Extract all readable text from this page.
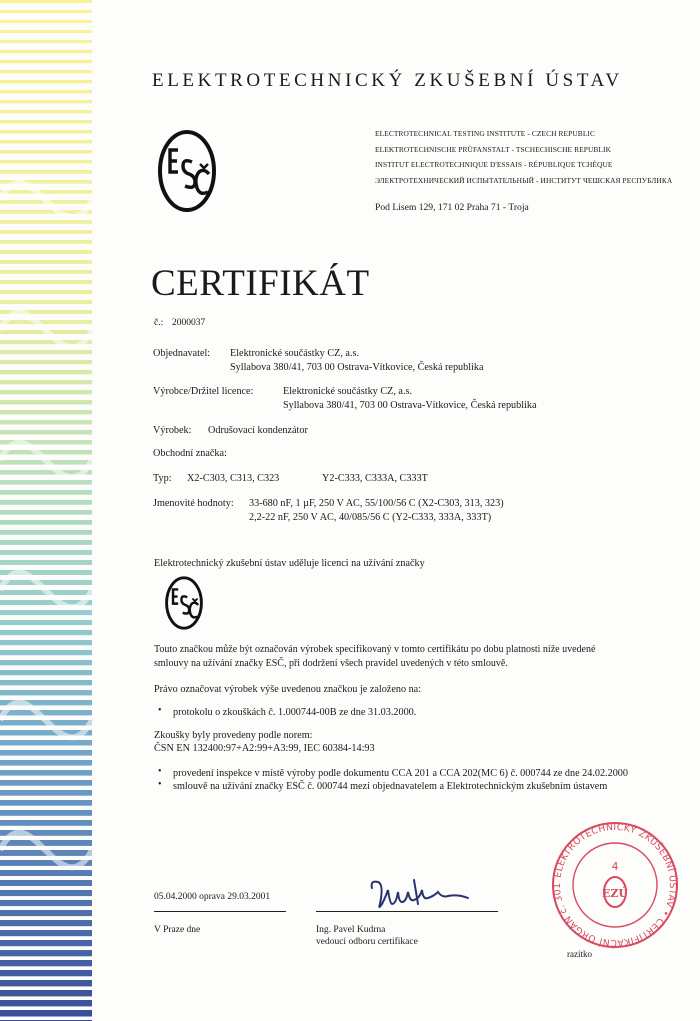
ELEKTROTECHNICKÝ ZKUŠEBNÍ ÚSTAV
ELECTROTECHNICAL TESTING INSTITUTE - CZECH REPUBLIC
ELEKTROTECHNISCHE PRÜFANSTALT - TSCHECHISCHE REPUBLIK
INSTITUT ELECTROTECHNIQUE D'ESSAIS - RÉPUBLIQUE TCHÈQUE
ЭЛЕКТРОТЕХНИЧЕСКИЙ ИСПЫТАТЕЛЬНЫЙ - ИНСТИТУТ ЧЕШСКАЯ РЕСПУБЛИКА
Pod Lisem 129, 171 02 Praha 71 - Troja
CERTIFIKÁT
č.: 2000037
Objednavatel: Elektronické součástky CZ, a.s.
Syllabova 380/41, 703 00 Ostrava-Vítkovice, Česká republika
Výrobce/Držitel licence:	Elektronické součástky CZ, a.s.
Syllabova 380/41, 703 00 Ostrava-Vítkovice, Česká republika
Výrobek: Odrušovací kondenzátor
Obchodní značka:
Typ: X2-C303, C313, C323	Y2-C333, C333A, C333T
Jmenovité hodnoty: 33-680 nF, 1 µF, 250 V AC, 55/100/56 C (X2-C303, 313, 323)
2,2-22 nF, 250 V AC, 40/085/56 C (Y2-C333, 333A, 333T)
Elektrotechnický zkušební ústav uděluje licenci na užívání značky
Touto značkou může být označován výrobek specifikovaný v tomto certifikátu po dobu platnosti níže uvedené
smlouvy na užívání značky ESČ, při dodržení všech pravidel uvedených v této smlouvě.
Právo označovat výrobek výše uvedenou značkou je založeno na:
• protokolu o zkouškách č. 1.000744-00B ze dne 31.03.2000.
Zkoušky byly provedeny podle norem:
ČSN EN 132400:97+A2:99+A3:99, IEC 60384-14:93
• provedení inspekce v místě výroby podle dokumentu CCA 201 a CCA 202(MC 6) č. 000744 ze dne 24.02.2000
• smlouvě na užívání značky ESČ č. 000744 mezi objednavatelem a Elektrotechnickým zkušebním ústavem
ELEKTROTECHNICKÝ ZKUŠEBNÍ ÚSTAV • CERTIFIKAČNÍ ORGÁN č. 301
4
EZÚ
05.04.2000 oprava 29.03.2001
V Praze dne	Ing. Pavel Kudrna
vedoucí odboru certifikace
razítko
